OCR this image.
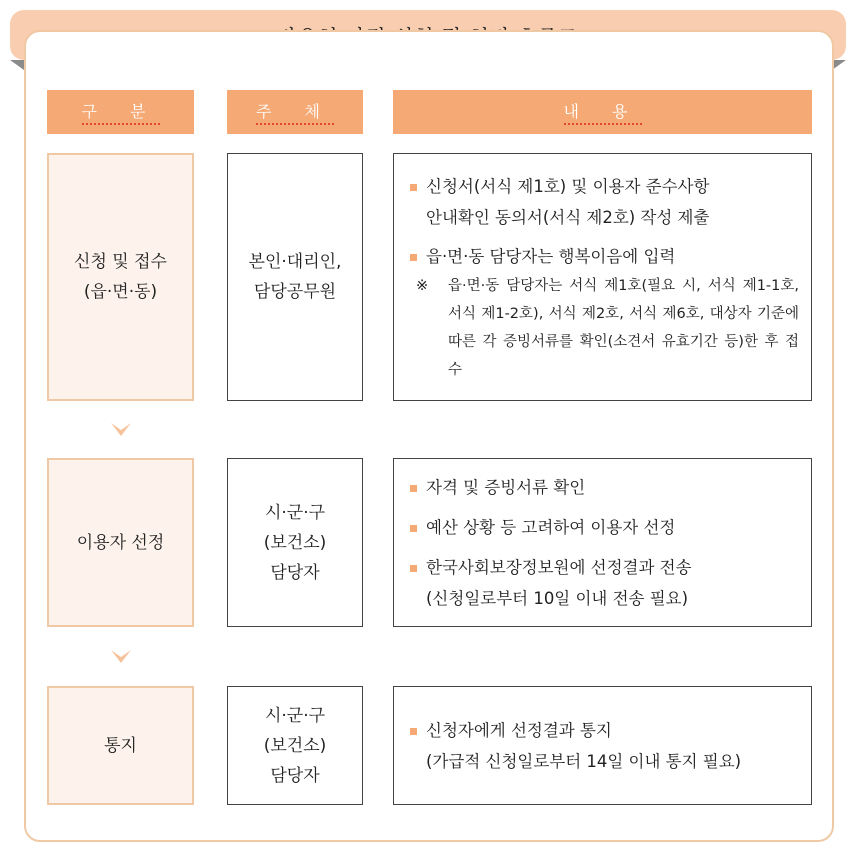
구 분	주 체	내 용
신청 및 접수
(읍·면·동)
본인·대리인,
담당공무원
신청서(서식 제1호) 및 이용자 준수사항
안내확인 동의서(서식 제2호) 작성 제출
읍·면·동 담당자는 행복이음에 입력
※ 읍·면·동 담당자는 서식 제1호(필요 시, 서식 제1-1호, 서식 제1-2호), 서식 제2호, 서식 제6호, 대상자 기준에 따른 각 증빙서류를 확인(소견서 유효기간 등)한 후 접수
이용자 선정
시·군·구
(보건소)
담당자
자격 및 증빙서류 확인
예산 상황 등 고려하여 이용자 선정
한국사회보장정보원에 선정결과 전송
(신청일로부터 10일 이내 전송 필요)
통지
시·군·구
(보건소)
담당자
신청자에게 선정결과 통지
(가급적 신청일로부터 14일 이내 통지 필요)
